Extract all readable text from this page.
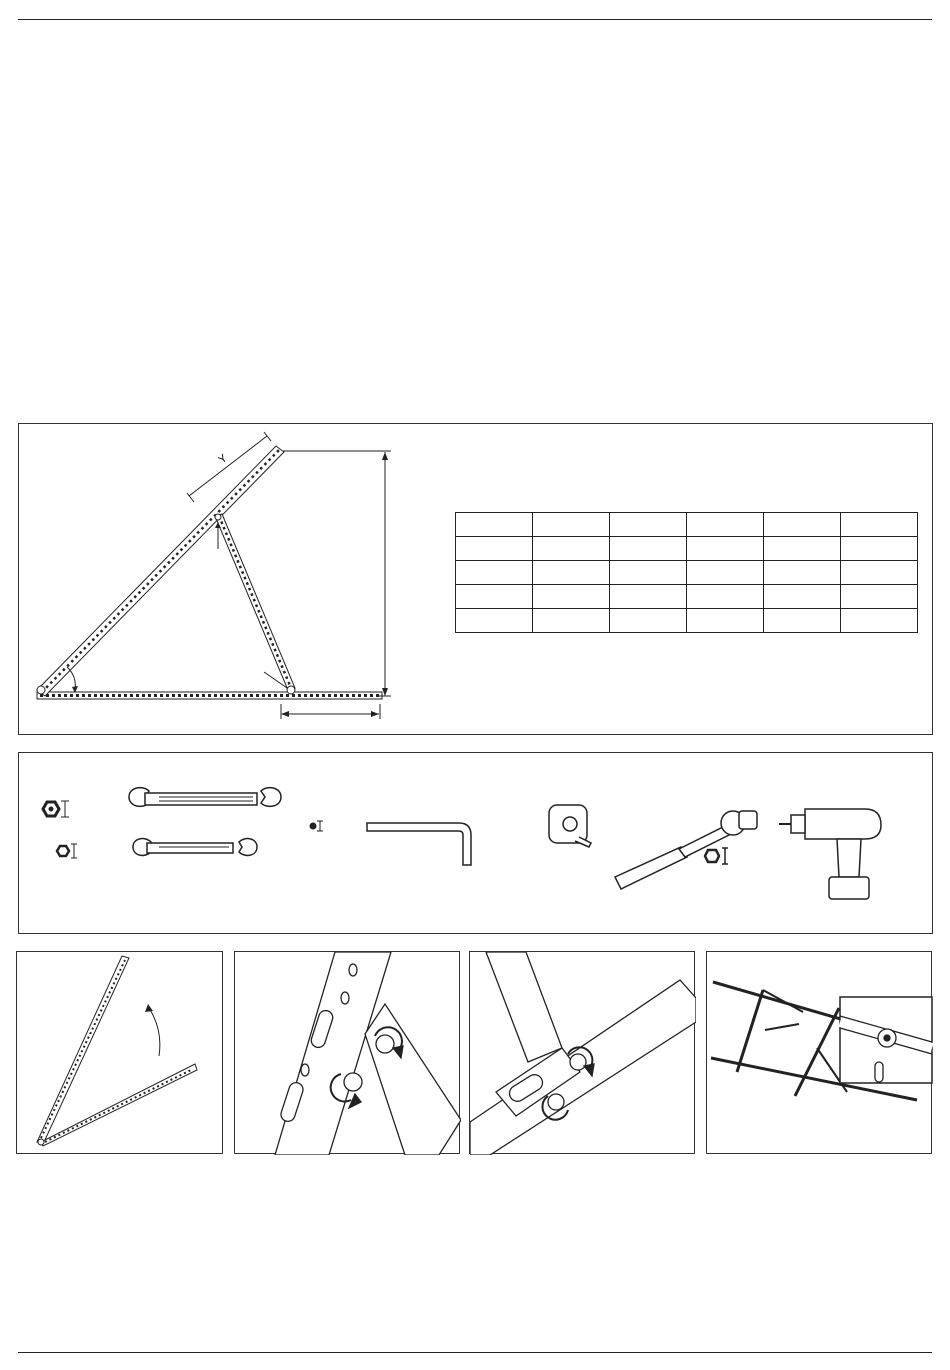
Y
